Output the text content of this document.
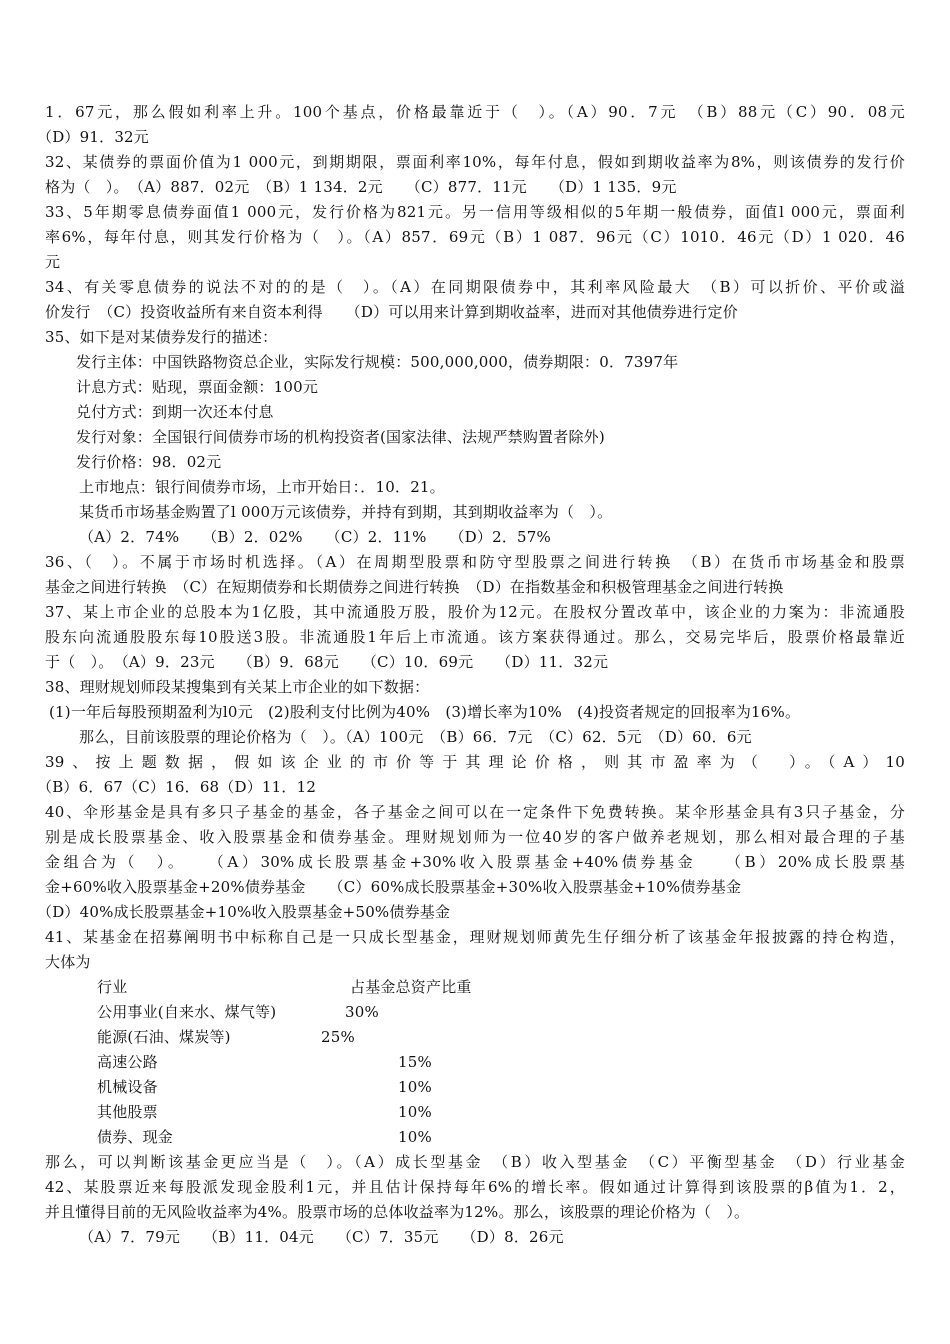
1．67元，那么假如利率上升。100个基点，价格最靠近于（　）。（A）90．7元　（B）88元（C）90．08元
（D）91．32元
32、某债券的票面价值为1 000元，到期期限，票面利率10%，每年付息，假如到期收益率为8%，则该债券的发行价
格为（　）。　（A）887．02元　（B）1 134．2元　　（C）877．11元　　（D）1 135．9元
33、5年期零息债券面值1 000元，发行价格为821元。另一信用等级相似的5年期一般债券，面值l 000元，票面利
率6%，每年付息，则其发行价格为（　）。（A）857．69元（B）1 087．96元（C）1010．46元（D）1 020．46
元
34、有关零息债券的说法不对的的是（　）。（A）在同期限债券中，其利率风险最大　（B）可以折价、平价或溢
价发行　（C）投资收益所有来自资本利得　　（D）可以用来计算到期收益率，进而对其他债券进行定价
35、如下是对某债券发行的描述：
发行主体：中国铁路物资总企业，实际发行规模：500,000,000，债券期限：0．7397年
计息方式：贴现，票面金额：100元
兑付方式：到期一次还本付息
发行对象：全国银行间债券市场的机构投资者(国家法律、法规严禁购置者除外)
发行价格：98．02元
上市地点：银行间债券市场，上市开始日：．10．21。
某货币市场基金购置了l 000万元该债券，并持有到期，其到期收益率为（　）。
（A）2．74%　　（B）2．02%　　（C）2．11%　　（D）2．57%
36、（　）。不属于市场时机选择。（A）在周期型股票和防守型股票之间进行转换　（B）在货币市场基金和股票
基金之间进行转换　（C）在短期债券和长期债券之间进行转换　（D）在指数基金和积极管理基金之间进行转换
37、某上市企业的总股本为1亿股，其中流通股万股，股价为12元。在股权分置改革中，该企业的力案为：非流通股
股东向流通股股东每10股送3股。非流通股1年后上市流通。该方案获得通过。那么，交易完毕后，股票价格最靠近
于（　）。　（A）9．23元　　（B）9．68元　　（C）10．69元　　（D）11．32元
38、理财规划师段某搜集到有关某上市企业的如下数据：
(1)一年后每股预期盈利为l0元　(2)股利支付比例为40%　(3)增长率为10%　(4)投资者规定的回报率为16%。
那么，目前该股票的理论价格为（　）。（A）100元　（B）66．7元　（C）62．5元　（D）60．6元
39、按上题数据，假如该企业的市价等于其理论价格，则其市盈率为（　）。（A）10
（B）6．67（C）16．68（D）11．12
40、伞形基金是具有多只子基金的基金，各子基金之间可以在一定条件下免费转换。某伞形基金具有3只子基金，分
别是成长股票基金、收入股票基金和债券基金。理财规划师为一位40岁的客户做养老规划，那么相对最合理的子基
金组合为（　）。　　（A）30%成长股票基金+30%收入股票基金+40%债券基金　　（B）20%成长股票基
金+60%收入股票基金+20%债券基金　　（C）60%成长股票基金+30%收入股票基金+10%债券基金
（D）40%成长股票基金+10%收入股票基金+50%债券基金
41、某基金在招募阐明书中标称自己是一只成长型基金，理财规划师黄先生仔细分析了该基金年报披露的持仓构造，
大体为
行业	占基金总资产比重
公用事业(自来水、煤气等)	30%
能源(石油、煤炭等)	25%
高速公路	15%
机械设备	10%
其他股票	10%
债券、现金	10%
那么，可以判断该基金更应当是（　）。（A）成长型基金　（B）收入型基金　（C）平衡型基金　（D）行业基金
42、某股票近来每股派发现金股利1元，并且估计保持每年6%的增长率。假如通过计算得到该股票的β值为1．2，
并且懂得目前的无风险收益率为4%。股票市场的总体收益率为12%。那么，该股票的理论价格为（　）。
（A）7．79元　　（B）11．04元　　（C）7．35元　　（D）8．26元
